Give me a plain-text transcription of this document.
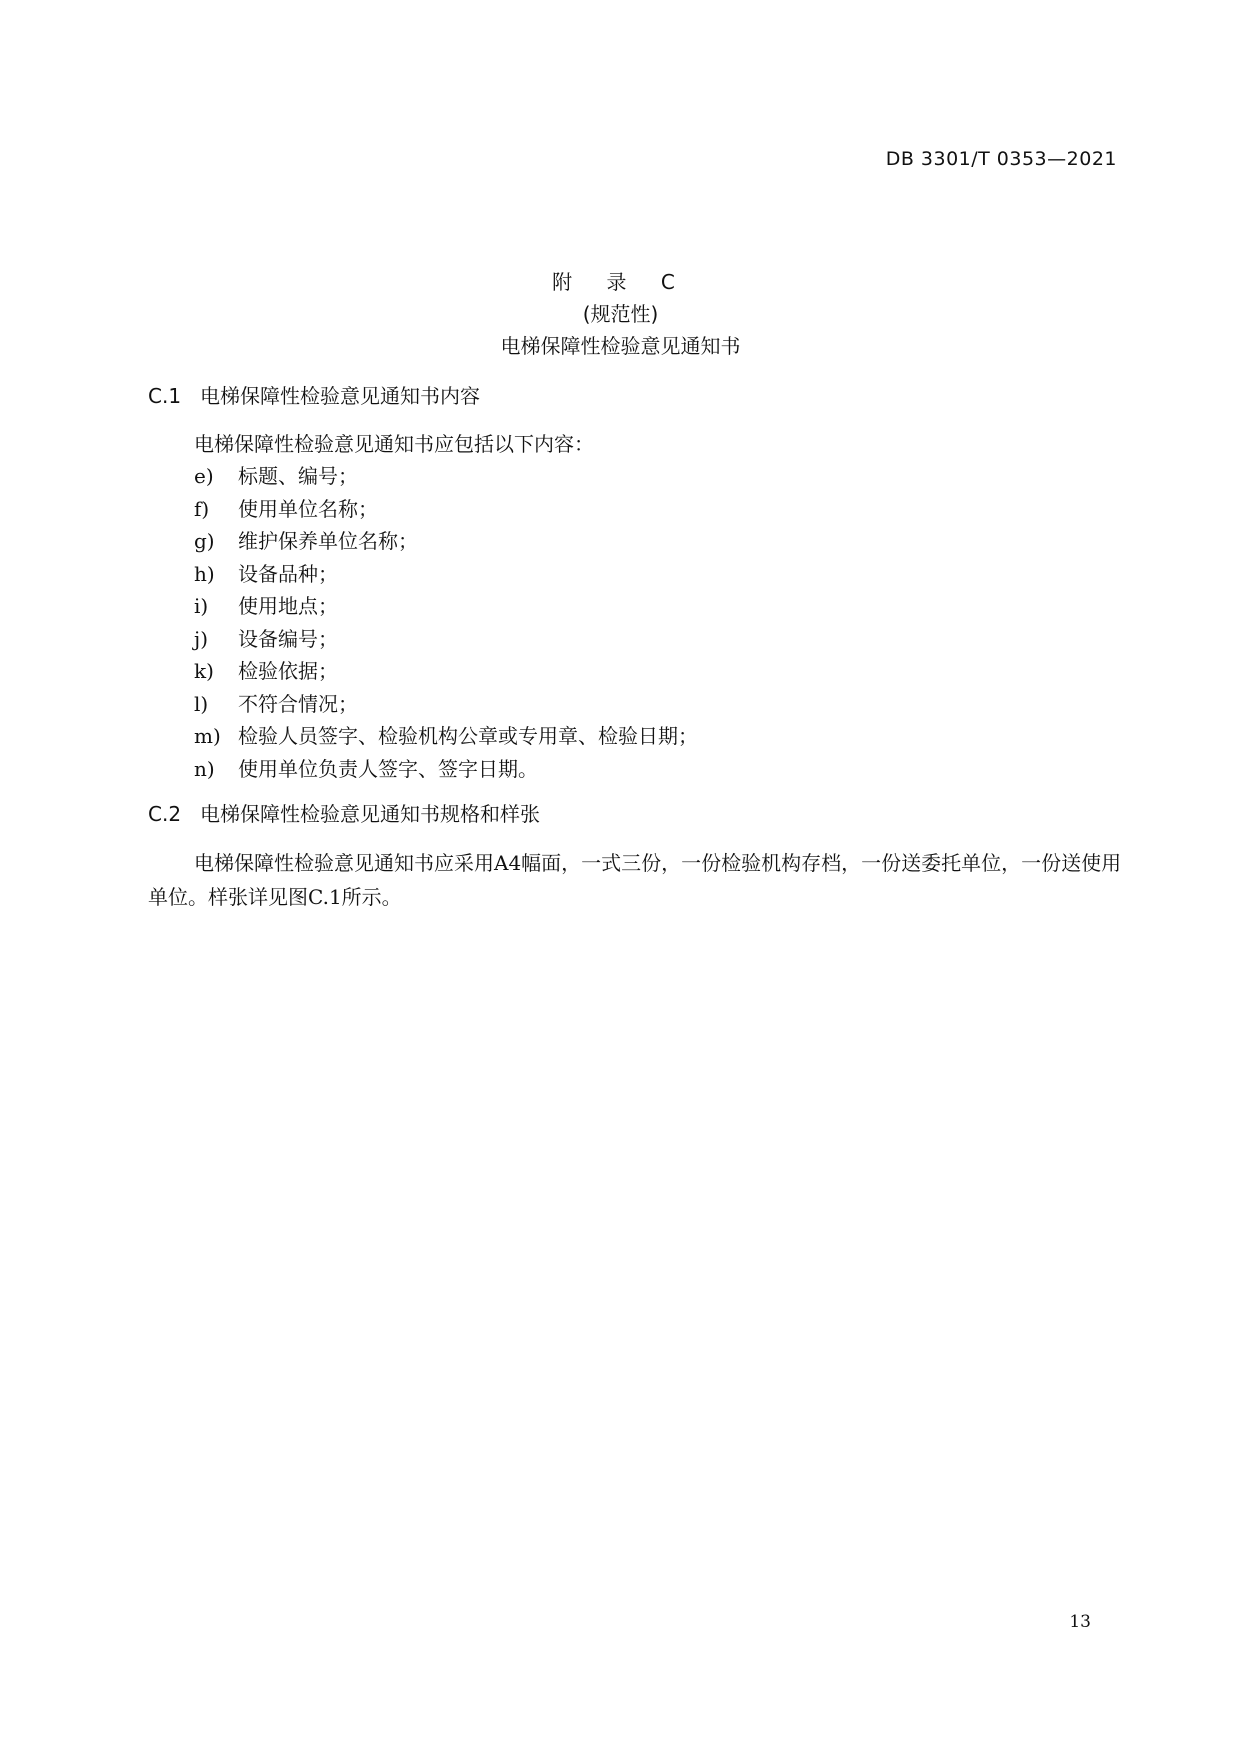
DB 3301/T 0353—2021
附 录 C
(规范性)
电梯保障性检验意见通知书
C.1 电梯保障性检验意见通知书内容
电梯保障性检验意见通知书应包括以下内容：
e) 标题、编号；
f) 使用单位名称；
g) 维护保养单位名称；
h) 设备品种；
i) 使用地点；
j) 设备编号；
k) 检验依据；
l) 不符合情况；
m) 检验人员签字、检验机构公章或专用章、检验日期；
n) 使用单位负责人签字、签字日期。
C.2 电梯保障性检验意见通知书规格和样张
电梯保障性检验意见通知书应采用A4幅面，一式三份，一份检验机构存档，一份送委托单位，一份送使用单位。样张详见图C.1所示。
13
